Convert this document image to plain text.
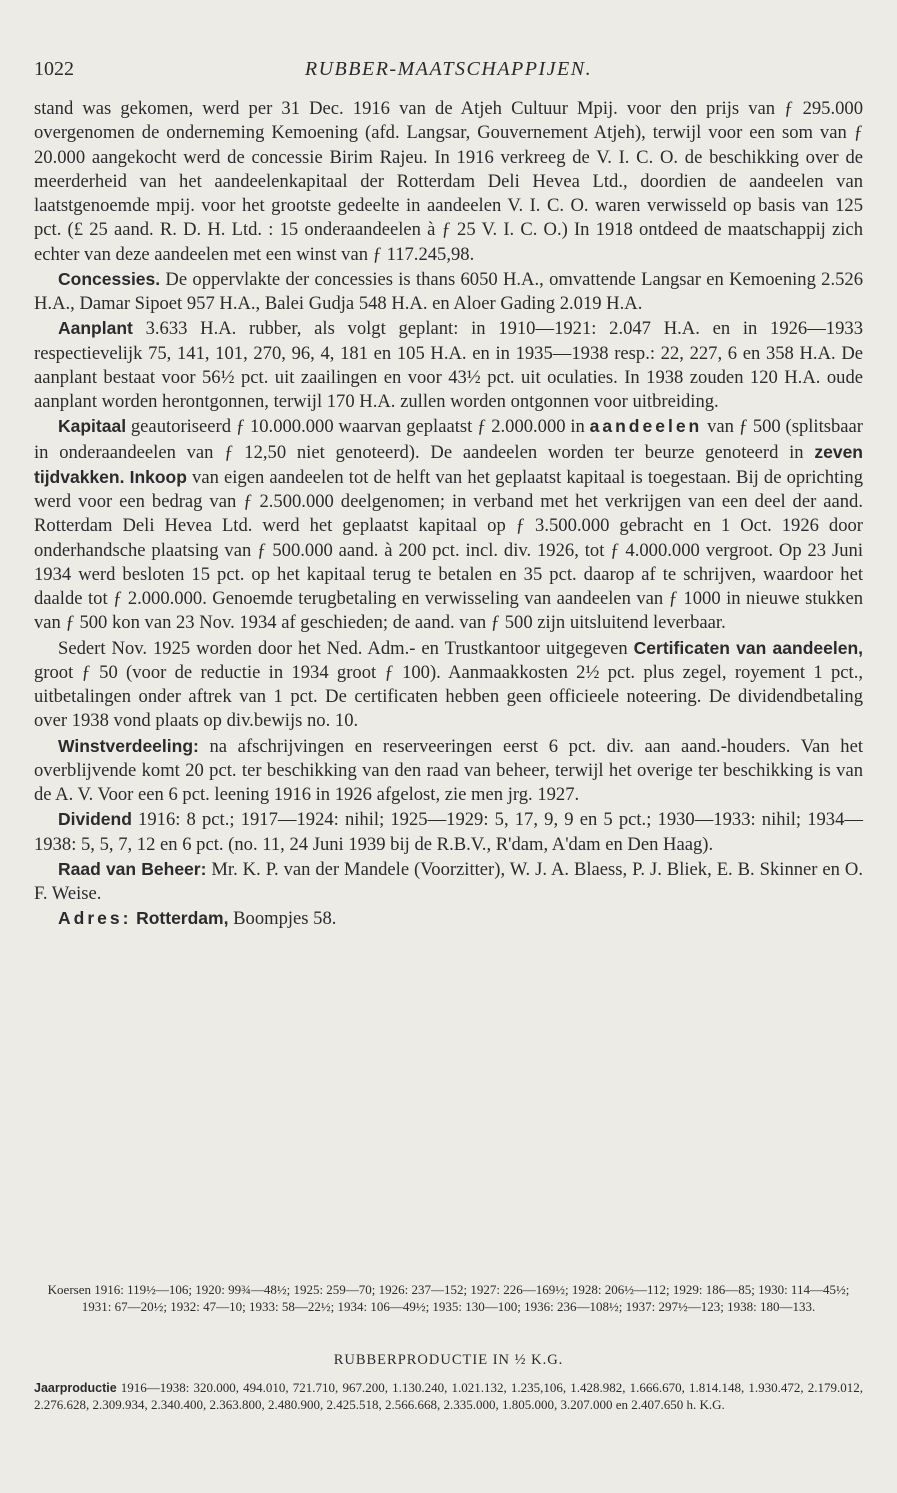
1022	RUBBER-MAATSCHAPPIJEN.

stand was gekomen, werd per 31 Dec. 1916 van de Atjeh Cultuur Mpij. voor den prijs van ƒ 295.000 overgenomen de onderneming Kemoening (afd. Langsar, Gouvernement Atjeh), terwijl voor een som van ƒ 20.000 aangekocht werd de concessie Birim Rajeu. In 1916 verkreeg de V. I. C. O. de beschikking over de meerderheid van het aandeelenkapitaal der Rotterdam Deli Hevea Ltd., doordien de aandeelen van laatstgenoemde mpij. voor het grootste gedeelte in aandeelen V. I. C. O. waren verwisseld op basis van 125 pct. (£ 25 aand. R. D. H. Ltd. : 15 onderaandeelen à ƒ 25 V. I. C. O.) In 1918 ontdeed de maatschappij zich echter van deze aandeelen met een winst van ƒ 117.245,98.

Concessies. De oppervlakte der concessies is thans 6050 H.A., omvattende Langsar en Kemoening 2.526 H.A., Damar Sipoet 957 H.A., Balei Gudja 548 H.A. en Aloer Gading 2.019 H.A.

Aanplant 3.633 H.A. rubber, als volgt geplant: in 1910—1921: 2.047 H.A. en in 1926—1933 respectievelijk 75, 141, 101, 270, 96, 4, 181 en 105 H.A. en in 1935—1938 resp.: 22, 227, 6 en 358 H.A. De aanplant bestaat voor 56½ pct. uit zaailingen en voor 43½ pct. uit oculaties. In 1938 zouden 120 H.A. oude aanplant worden herontgonnen, terwijl 170 H.A. zullen worden ontgonnen voor uitbreiding.

Kapitaal geautoriseerd ƒ 10.000.000 waarvan geplaatst ƒ 2.000.000 in aandeelen van ƒ 500 (splitsbaar in onderaandeelen van ƒ 12,50 niet genoteerd). De aandeelen worden ter beurze genoteerd in zeven tijdvakken. Inkoop van eigen aandeelen tot de helft van het geplaatst kapitaal is toegestaan. Bij de oprichting werd voor een bedrag van ƒ 2.500.000 deelgenomen; in verband met het verkrijgen van een deel der aand. Rotterdam Deli Hevea Ltd. werd het geplaatst kapitaal op ƒ 3.500.000 gebracht en 1 Oct. 1926 door onderhandsche plaatsing van ƒ 500.000 aand. à 200 pct. incl. div. 1926, tot ƒ 4.000.000 vergroot. Op 23 Juni 1934 werd besloten 15 pct. op het kapitaal terug te betalen en 35 pct. daarop af te schrijven, waardoor het daalde tot ƒ 2.000.000. Genoemde terugbetaling en verwisseling van aandeelen van ƒ 1000 in nieuwe stukken van ƒ 500 kon van 23 Nov. 1934 af geschieden; de aand. van ƒ 500 zijn uitsluitend leverbaar.

Sedert Nov. 1925 worden door het Ned. Adm.- en Trustkantoor uitgegeven Certificaten van aandeelen, groot ƒ 50 (voor de reductie in 1934 groot ƒ 100). Aanmaakkosten 2½ pct. plus zegel, royement 1 pct., uitbetalingen onder aftrek van 1 pct. De certificaten hebben geen officieele noteering. De dividendbetaling over 1938 vond plaats op div.bewijs no. 10.

Winstverdeeling: na afschrijvingen en reserveeringen eerst 6 pct. div. aan aand.-houders. Van het overblijvende komt 20 pct. ter beschikking van den raad van beheer, terwijl het overige ter beschikking is van de A. V. Voor een 6 pct. leening 1916 in 1926 afgelost, zie men jrg. 1927.

Dividend 1916: 8 pct.; 1917—1924: nihil; 1925—1929: 5, 17, 9, 9 en 5 pct.; 1930—1933: nihil; 1934—1938: 5, 5, 7, 12 en 6 pct. (no. 11, 24 Juni 1939 bij de R.B.V., R'dam, A'dam en Den Haag).

Raad van Beheer: Mr. K. P. van der Mandele (Voorzitter), W. J. A. Blaess, P. J. Bliek, E. B. Skinner en O. F. Weise.

Adres: Rotterdam, Boompjes 58.

Koersen 1916: 119½—106; 1920: 99¾—48½; 1925: 259—70; 1926: 237—152; 1927: 226—169½; 1928: 206½—112; 1929: 186—85; 1930: 114—45½; 1931: 67—20½; 1932: 47—10; 1933: 58—22½; 1934: 106—49½; 1935: 130—100; 1936: 236—108½; 1937: 297½—123; 1938: 180—133.
RUBBERPRODUCTIE IN ½ K.G.
Jaarproductie 1916—1938: 320.000, 494.010, 721.710, 967.200, 1.130.240, 1.021.132, 1.235,106, 1.428.982, 1.666.670, 1.814.148, 1.930.472, 2.179.012, 2.276.628, 2.309.934, 2.340.400, 2.363.800, 2.480.900, 2.425.518, 2.566.668, 2.335.000, 1.805.000, 3.207.000 en 2.407.650 h. K.G.
